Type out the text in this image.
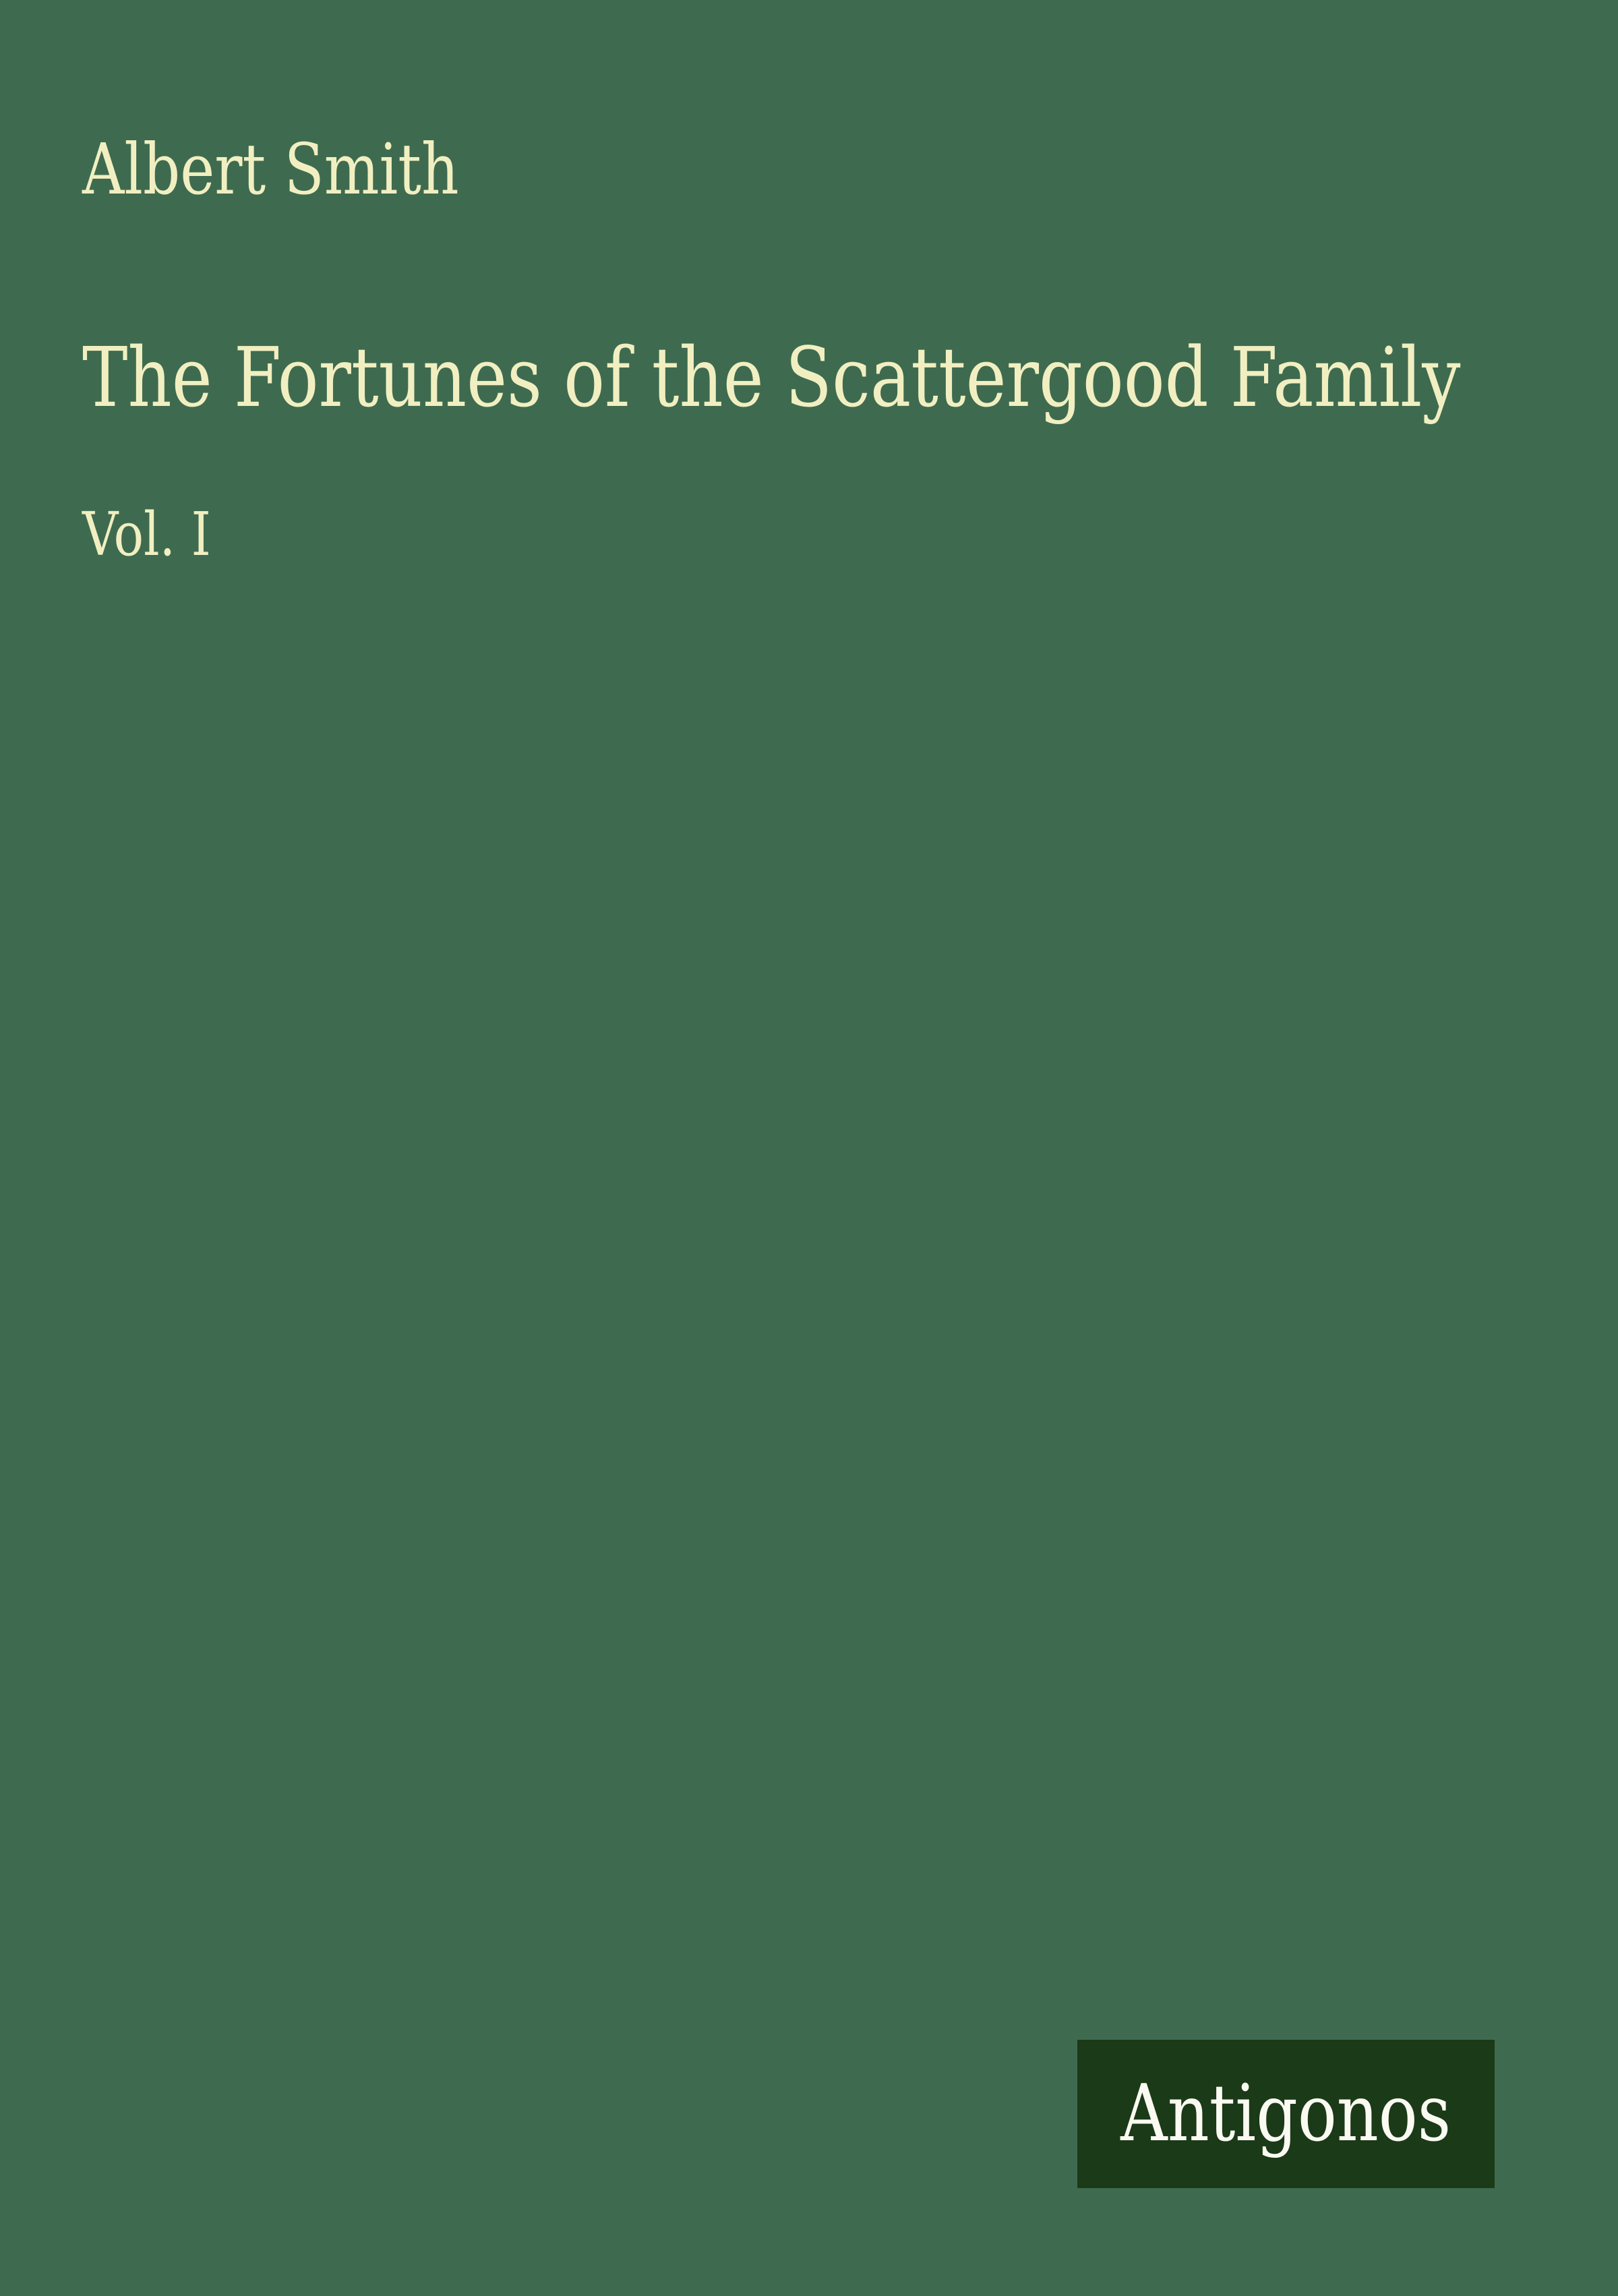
Albert Smith
The Fortunes of the Scattergood Family
Vol. I
Antigonos
